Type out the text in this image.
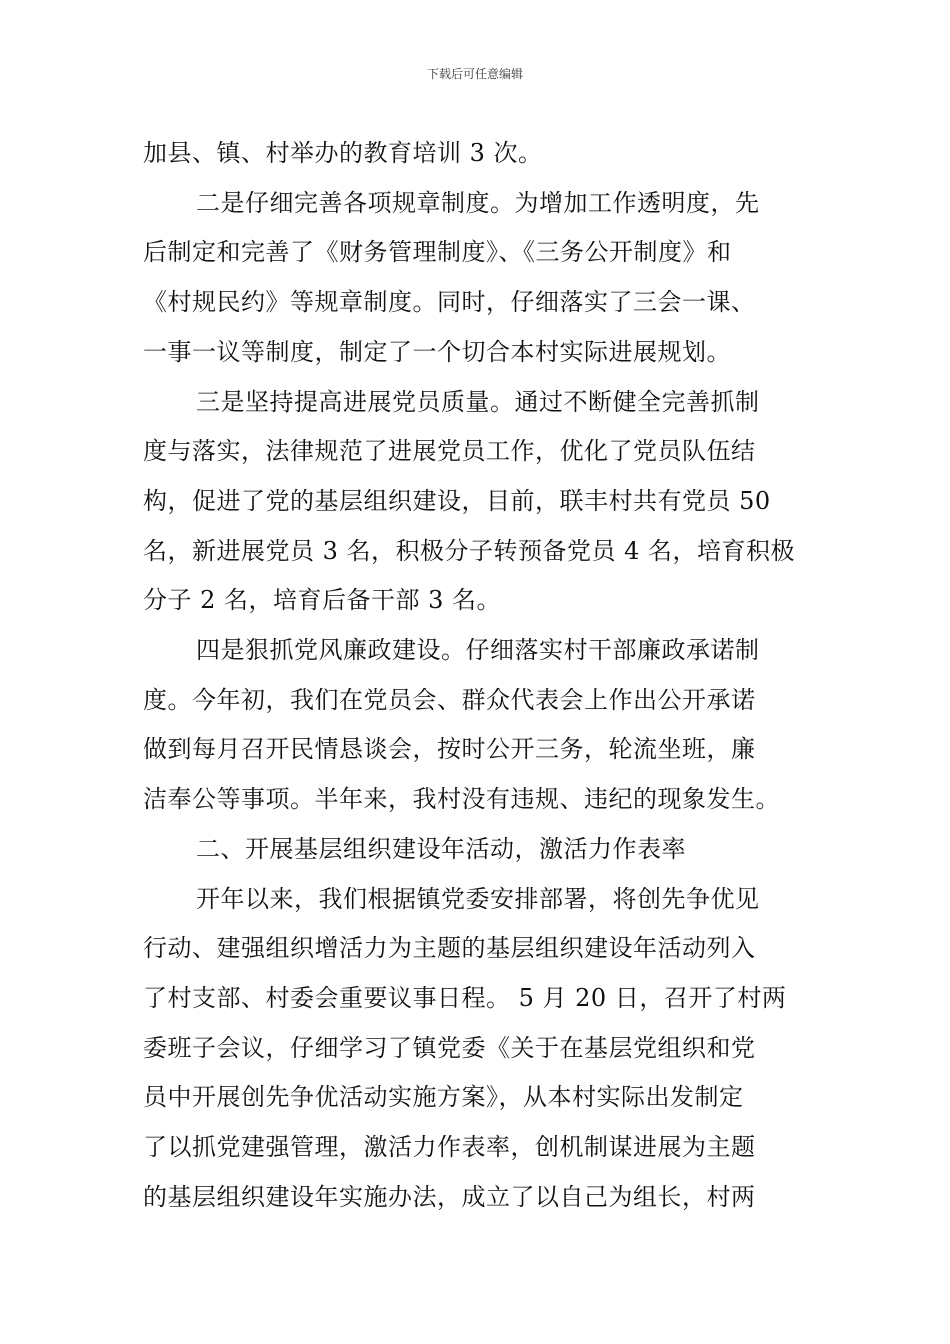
下载后可任意编辑
加县、镇、村举办的教育培训 3 次。
二是仔细完善各项规章制度。为增加工作透明度，先
后制定和完善了《财务管理制度》、《三务公开制度》和
《村规民约》等规章制度。同时，仔细落实了三会一课、
一事一议等制度，制定了一个切合本村实际进展规划。
三是坚持提高进展党员质量。通过不断健全完善抓制
度与落实，法律规范了进展党员工作，优化了党员队伍结
构，促进了党的基层组织建设，目前，联丰村共有党员 50
名，新进展党员 3 名，积极分子转预备党员 4 名，培育积极
分子 2 名，培育后备干部 3 名。
四是狠抓党风廉政建设。仔细落实村干部廉政承诺制
度。今年初，我们在党员会、群众代表会上作出公开承诺
做到每月召开民情恳谈会，按时公开三务，轮流坐班，廉
洁奉公等事项。半年来，我村没有违规、违纪的现象发生。
二、开展基层组织建设年活动，激活力作表率
开年以来，我们根据镇党委安排部署，将创先争优见
行动、建强组织增活力为主题的基层组织建设年活动列入
了村支部、村委会重要议事日程。 5 月 20 日，召开了村两
委班子会议，仔细学习了镇党委《关于在基层党组织和党
员中开展创先争优活动实施方案》，从本村实际出发制定
了以抓党建强管理，激活力作表率，创机制谋进展为主题
的基层组织建设年实施办法，成立了以自己为组长，村两
